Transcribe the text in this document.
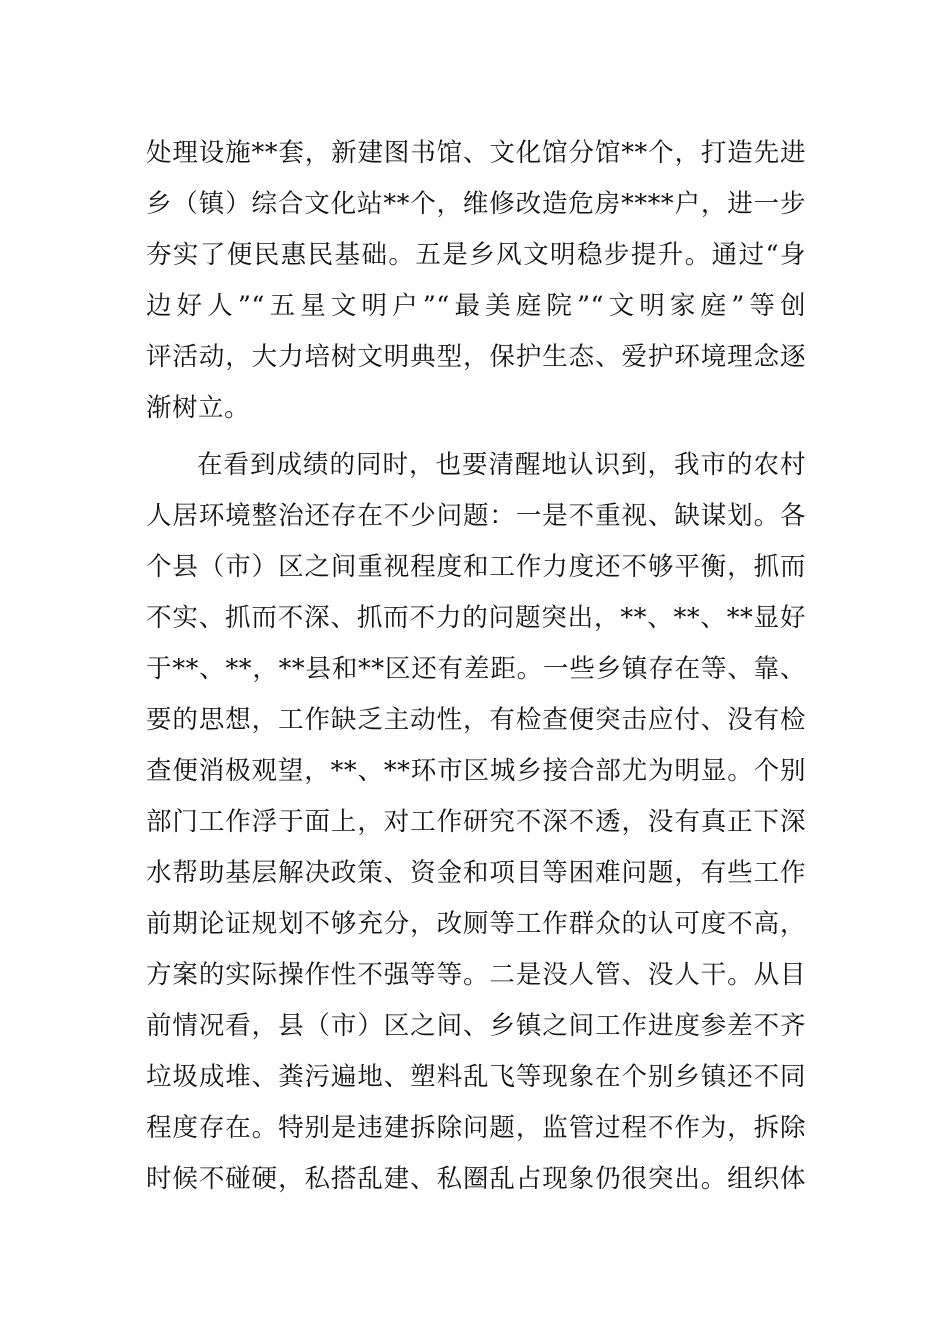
处理设施**套，新建图书馆、文化馆分馆**个，打造先进
乡（镇）综合文化站**个，维修改造危房****户，进一步
夯实了便民惠民基础。五是乡风文明稳步提升。通过“身
边好人”“五星文明户”“最美庭院”“文明家庭”等创
评活动，大力培树文明典型，保护生态、爱护环境理念逐
渐树立。
在看到成绩的同时，也要清醒地认识到，我市的农村
人居环境整治还存在不少问题：一是不重视、缺谋划。各
个县（市）区之间重视程度和工作力度还不够平衡，抓而
不实、抓而不深、抓而不力的问题突出，**、**、**显好
于**、**，**县和**区还有差距。一些乡镇存在等、靠、
要的思想，工作缺乏主动性，有检查便突击应付、没有检
查便消极观望，**、**环市区城乡接合部尤为明显。个别
部门工作浮于面上，对工作研究不深不透，没有真正下深
水帮助基层解决政策、资金和项目等困难问题，有些工作
前期论证规划不够充分，改厕等工作群众的认可度不高，
方案的实际操作性不强等等。二是没人管、没人干。从目
前情况看，县（市）区之间、乡镇之间工作进度参差不齐
垃圾成堆、粪污遍地、塑料乱飞等现象在个别乡镇还不同
程度存在。特别是违建拆除问题，监管过程不作为，拆除
时候不碰硬，私搭乱建、私圈乱占现象仍很突出。组织体
